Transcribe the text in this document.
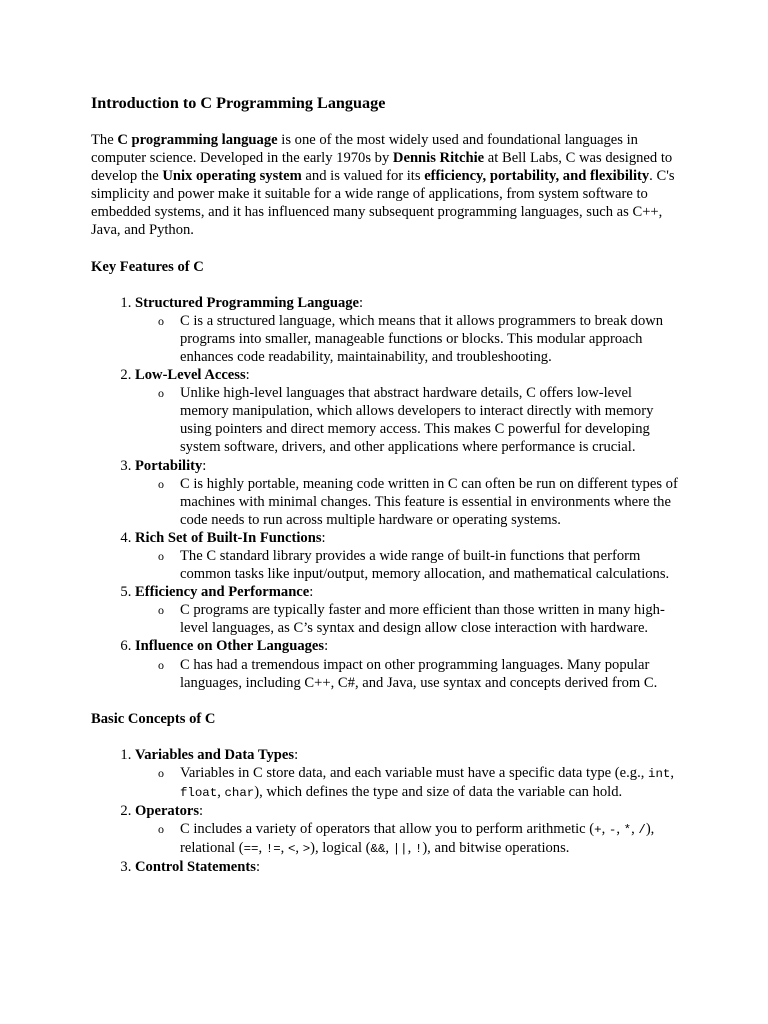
Introduction to C Programming Language

The C programming language is one of the most widely used and foundational languages in computer science. Developed in the early 1970s by Dennis Ritchie at Bell Labs, C was designed to develop the Unix operating system and is valued for its efficiency, portability, and flexibility. C's simplicity and power make it suitable for a wide range of applications, from system software to embedded systems, and it has influenced many subsequent programming languages, such as C++, Java, and Python.

Key Features of C
1. Structured Programming Language:
o C is a structured language, which means that it allows programmers to break down programs into smaller, manageable functions or blocks. This modular approach enhances code readability, maintainability, and troubleshooting.
2. Low-Level Access:
o Unlike high-level languages that abstract hardware details, C offers low-level memory manipulation, which allows developers to interact directly with memory using pointers and direct memory access. This makes C powerful for developing system software, drivers, and other applications where performance is crucial.
3. Portability:
o C is highly portable, meaning code written in C can often be run on different types of machines with minimal changes. This feature is essential in environments where the code needs to run across multiple hardware or operating systems.
4. Rich Set of Built-In Functions:
o The C standard library provides a wide range of built-in functions that perform common tasks like input/output, memory allocation, and mathematical calculations.
5. Efficiency and Performance:
o C programs are typically faster and more efficient than those written in many high-level languages, as C’s syntax and design allow close interaction with hardware.
6. Influence on Other Languages:
o C has had a tremendous impact on other programming languages. Many popular languages, including C++, C#, and Java, use syntax and concepts derived from C.
Basic Concepts of C
1. Variables and Data Types:
o Variables in C store data, and each variable must have a specific data type (e.g., int, float, char), which defines the type and size of data the variable can hold.
2. Operators:
o C includes a variety of operators that allow you to perform arithmetic (+, -, *, /), relational (==, !=, <, >), logical (&&, ||, !), and bitwise operations.
3. Control Statements:
